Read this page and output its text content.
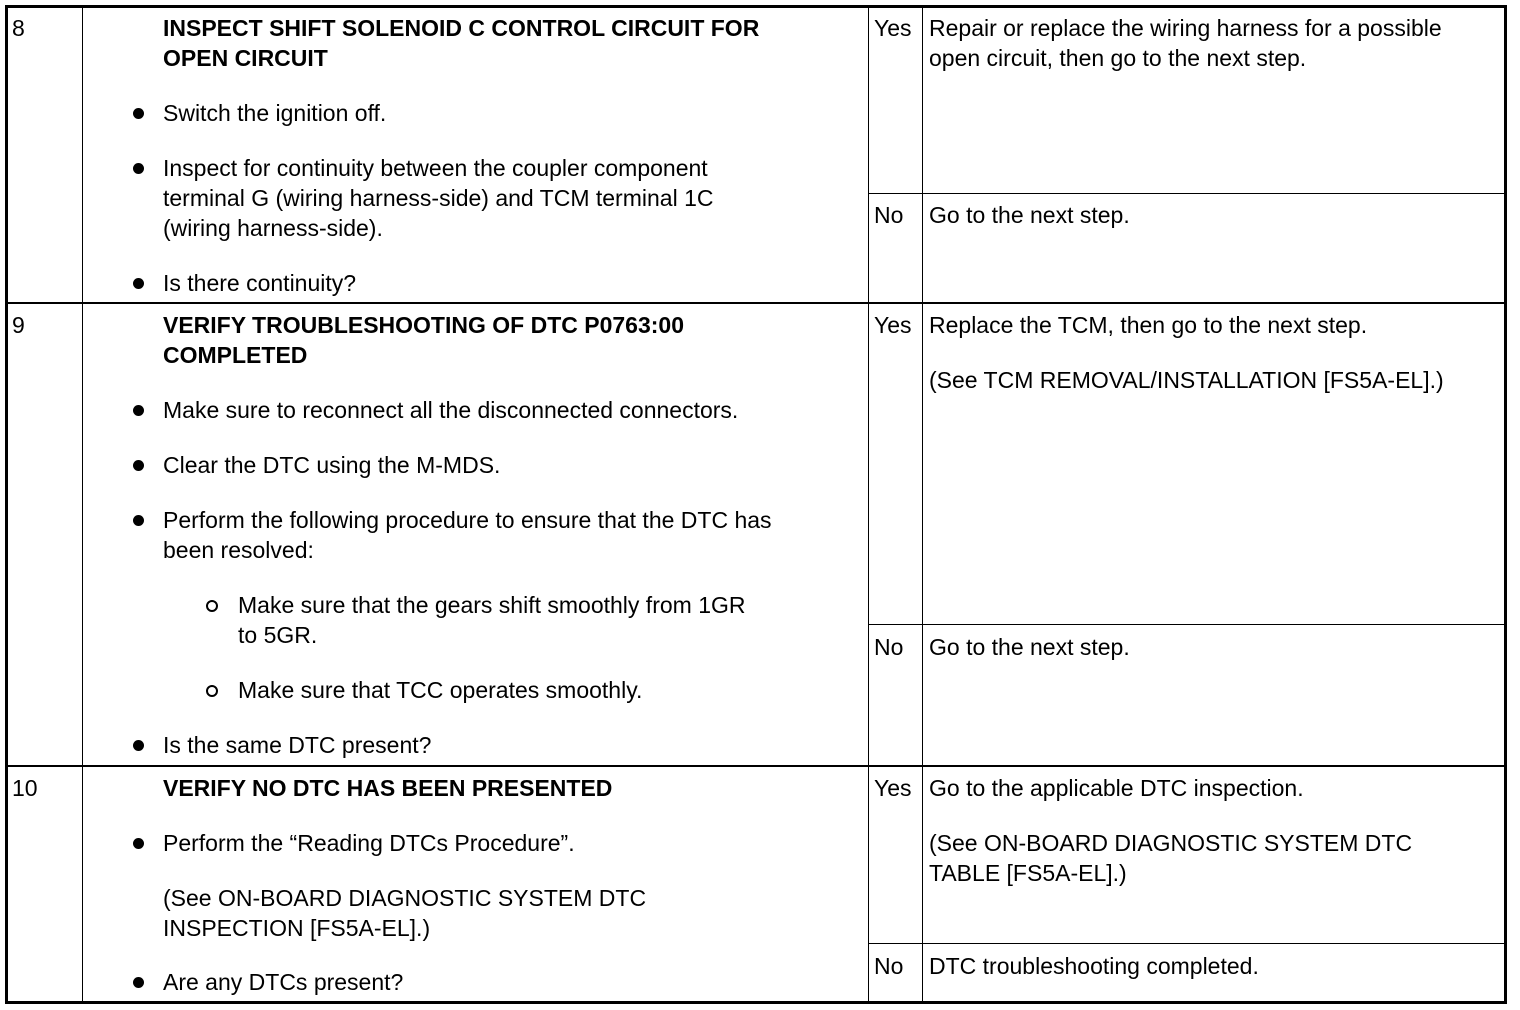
8	INSPECT SHIFT SOLENOID C CONTROL CIRCUIT FOR
OPEN CIRCUIT
Switch the ignition off.
Inspect for continuity between the coupler component
terminal G (wiring harness-side) and TCM terminal 1C
(wiring harness-side).
Is there continuity?
Yes Repair or replace the wiring harness for a possible
open circuit, then go to the next step.
No Go to the next step.
9	VERIFY TROUBLESHOOTING OF DTC P0763:00
COMPLETED
Make sure to reconnect all the disconnected connectors.
Clear the DTC using the M-MDS.
Perform the following procedure to ensure that the DTC has
been resolved:
Make sure that the gears shift smoothly from 1GR
to 5GR.
Make sure that TCC operates smoothly.
Is the same DTC present?
Yes Replace the TCM, then go to the next step.
(See TCM REMOVAL/INSTALLATION [FS5A-EL].)
No Go to the next step.
10	VERIFY NO DTC HAS BEEN PRESENTED
Perform the “Reading DTCs Procedure”.
(See ON-BOARD DIAGNOSTIC SYSTEM DTC
INSPECTION [FS5A-EL].)
Are any DTCs present?
Yes Go to the applicable DTC inspection.
(See ON-BOARD DIAGNOSTIC SYSTEM DTC
TABLE [FS5A-EL].)
No DTC troubleshooting completed.
